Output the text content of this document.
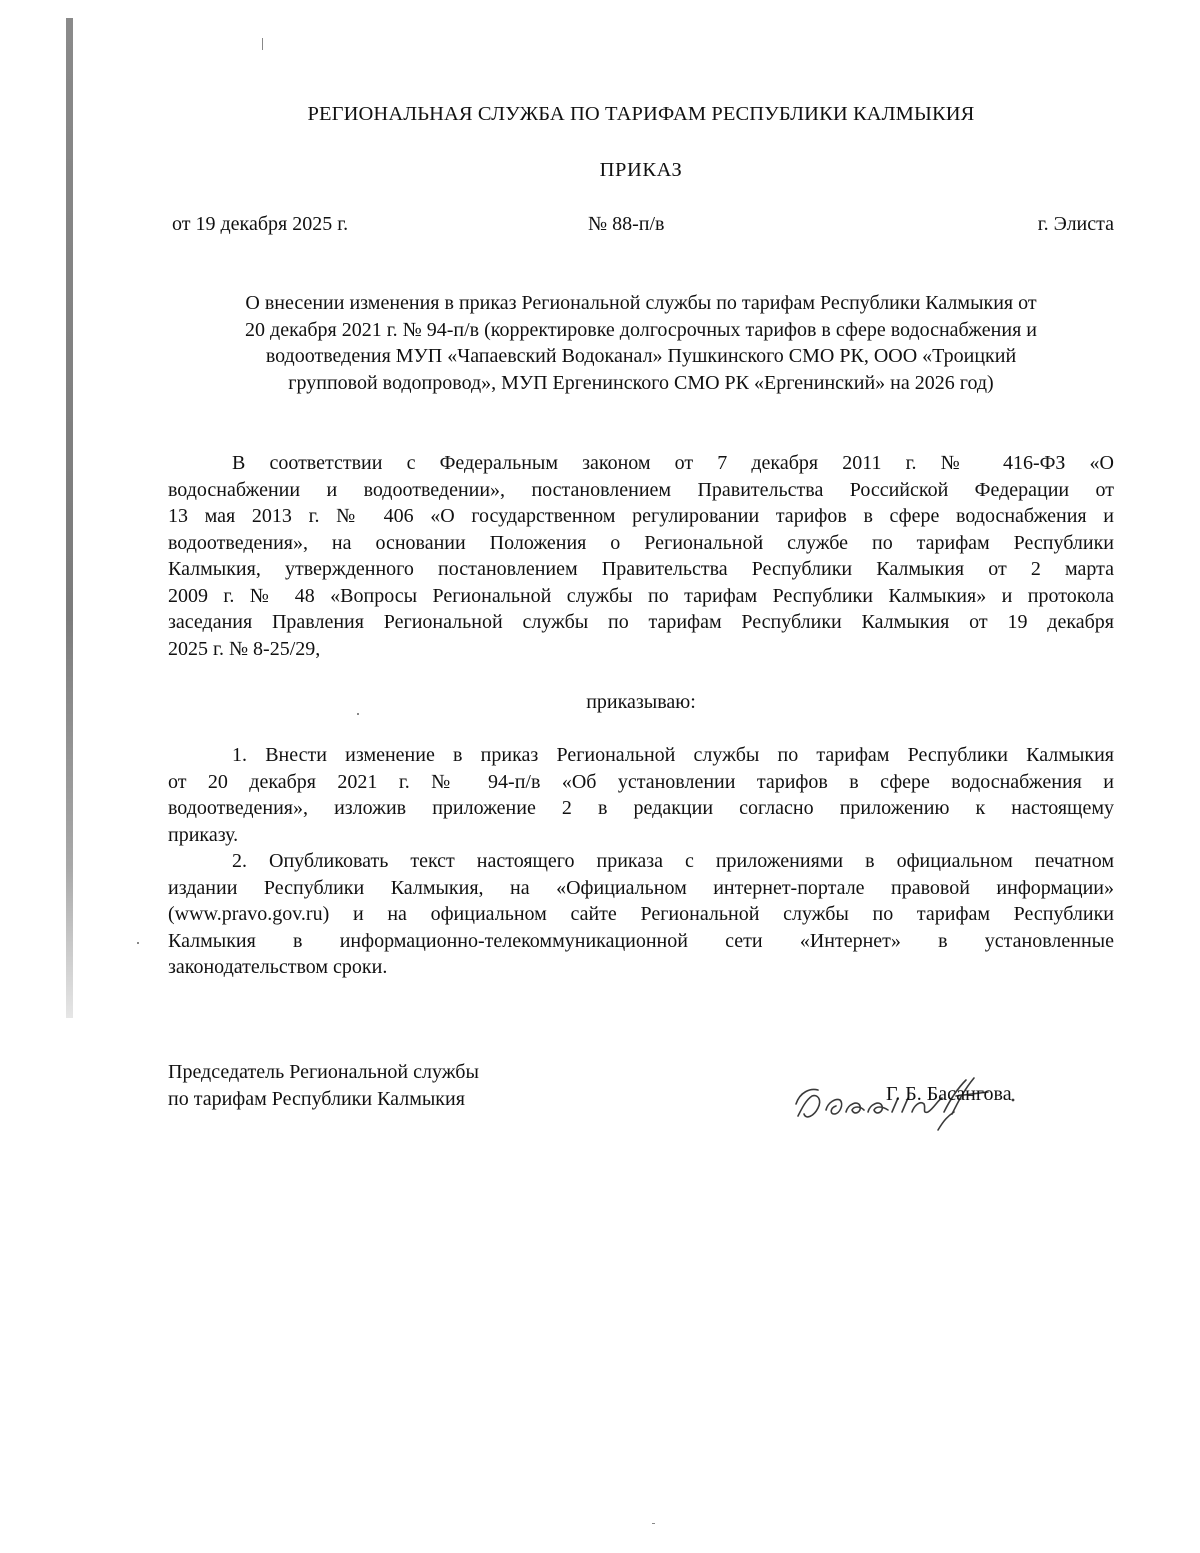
РЕГИОНАЛЬНАЯ СЛУЖБА ПО ТАРИФАМ РЕСПУБЛИКИ КАЛМЫКИЯ
ПРИКАЗ
от 19 декабря 2025 г.	№ 88-п/в	г. Элиста
О внесении изменения в приказ Региональной службы по тарифам Республики Калмыкия от
20 декабря 2021 г. № 94-п/в (корректировке долгосрочных тарифов в сфере водоснабжения и
водоотведения МУП «Чапаевский Водоканал» Пушкинского СМО РК, ООО «Троицкий
групповой водопровод», МУП Ергенинского СМО РК «Ергенинский» на 2026 год)
В соответствии с Федеральным законом от 7 декабря 2011 г. № 416-ФЗ «О
водоснабжении и водоотведении», постановлением Правительства Российской Федерации от
13 мая 2013 г. № 406 «О государственном регулировании тарифов в сфере водоснабжения и
водоотведения», на основании Положения о Региональной службе по тарифам Республики
Калмыкия, утвержденного постановлением Правительства Республики Калмыкия от 2 марта
2009 г. № 48 «Вопросы Региональной службы по тарифам Республики Калмыкия» и протокола
заседания Правления Региональной службы по тарифам Республики Калмыкия от 19 декабря
2025 г. № 8-25/29,
приказываю:
1. Внести изменение в приказ Региональной службы по тарифам Республики Калмыкия
от 20 декабря 2021 г. № 94-п/в «Об установлении тарифов в сфере водоснабжения и
водоотведения», изложив приложение 2 в редакции согласно приложению к настоящему
приказу.
2. Опубликовать текст настоящего приказа с приложениями в официальном печатном
издании Республики Калмыкия, на «Официальном интернет-портале правовой информации»
(www.pravo.gov.ru) и на официальном сайте Региональной службы по тарифам Республики
Калмыкия в информационно-телекоммуникационной сети «Интернет» в установленные
законодательством сроки.
Председатель Региональной службы
по тарифам Республики Калмыкия	Г. Б. Басангова
